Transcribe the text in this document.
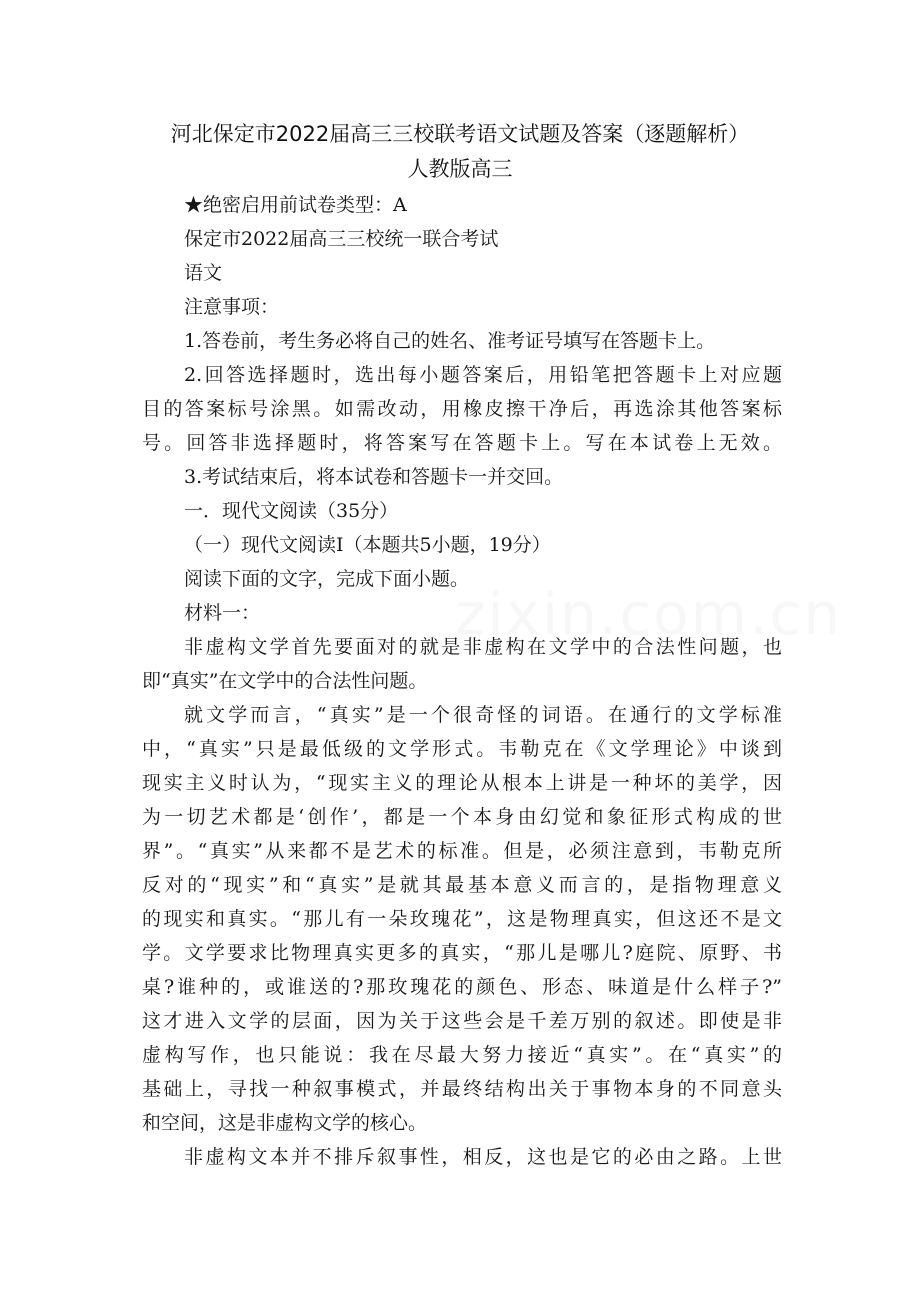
zixin.com.cn
河北保定市2022届高三三校联考语文试题及答案（逐题解析）
人教版高三
★绝密启用前试卷类型：A
保定市2022届高三三校统一联合考试
语文
注意事项：
1.答卷前，考生务必将自己的姓名、准考证号填写在答题卡上。
2.回答选择题时，选出每小题答案后，用铅笔把答题卡上对应题
目的答案标号涂黑。如需改动，用橡皮擦干净后，再选涂其他答案标
号。回答非选择题时，将答案写在答题卡上。写在本试卷上无效。
3.考试结束后，将本试卷和答题卡一并交回。
一．现代文阅读（35分）
（一）现代文阅读Ⅰ（本题共5小题，19分）
阅读下面的文字，完成下面小题。
材料一：
非虚构文学首先要面对的就是非虚构在文学中的合法性问题，也
即“真实”在文学中的合法性问题。
就文学而言，“真实”是一个很奇怪的词语。在通行的文学标准
中，“真实”只是最低级的文学形式。韦勒克在《文学理论》中谈到
现实主义时认为，“现实主义的理论从根本上讲是一种坏的美学，因
为一切艺术都是‘创作’，都是一个本身由幻觉和象征形式构成的世
界”。“真实”从来都不是艺术的标准。但是，必须注意到，韦勒克所
反对的“现实”和“真实”是就其最基本意义而言的，是指物理意义
的现实和真实。“那儿有一朵玫瑰花”，这是物理真实，但这还不是文
学。文学要求比物理真实更多的真实，“那儿是哪儿?庭院、原野、书
桌?谁种的，或谁送的?那玫瑰花的颜色、形态、味道是什么样子?”
这才进入文学的层面，因为关于这些会是千差万别的叙述。即使是非
虚构写作，也只能说：我在尽最大努力接近“真实”。在“真实”的
基础上，寻找一种叙事模式，并最终结构出关于事物本身的不同意头
和空间，这是非虚构文学的核心。
非虚构文本并不排斥叙事性，相反，这也是它的必由之路。上世
